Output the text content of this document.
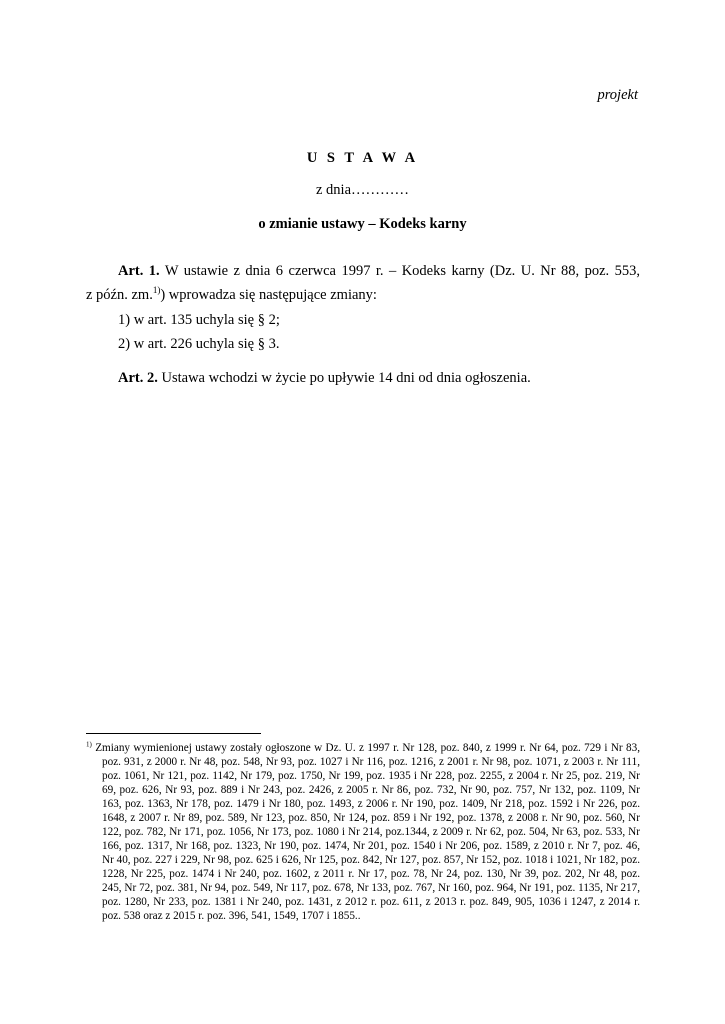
projekt
U S T A W A
z dnia…………
o zmianie ustawy – Kodeks karny

Art. 1. W ustawie z dnia 6 czerwca 1997 r. – Kodeks karny (Dz. U. Nr 88, poz. 553,

z późn. zm.$^{1)}$) wprowadza się następujące zmiany:

1) w art. 135 uchyla się § 2;
2) w art. 226 uchyla się § 3.
Art. 2. Ustawa wchodzi w życie po upływie 14 dni od dnia ogłoszenia.
$^{1)}$ Zmiany wymienionej ustawy zostały ogłoszone w Dz. U. z 1997 r. Nr 128, poz. 840, z 1999 r. Nr 64, poz. 729 i Nr 83, poz. 931, z 2000 r. Nr 48, poz. 548, Nr 93, poz. 1027 i Nr 116, poz. 1216, z 2001 r. Nr 98, poz. 1071, z 2003 r. Nr 111, poz. 1061, Nr 121, poz. 1142, Nr 179, poz. 1750, Nr 199, poz. 1935 i Nr 228, poz. 2255, z 2004 r. Nr 25, poz. 219, Nr 69, poz. 626, Nr 93, poz. 889 i Nr 243, poz. 2426, z 2005 r. Nr 86, poz. 732, Nr 90, poz. 757, Nr 132, poz. 1109, Nr 163, poz. 1363, Nr 178, poz. 1479 i Nr 180, poz. 1493, z 2006 r. Nr 190, poz. 1409, Nr 218, poz. 1592 i Nr 226, poz. 1648, z 2007 r. Nr 89, poz. 589, Nr 123, poz. 850, Nr 124, poz. 859 i Nr 192, poz. 1378, z 2008 r. Nr 90, poz. 560, Nr 122, poz. 782, Nr 171, poz. 1056, Nr 173, poz. 1080 i Nr 214, poz.1344, z 2009 r. Nr 62, poz. 504, Nr 63, poz. 533, Nr 166, poz. 1317, Nr 168, poz. 1323, Nr 190, poz. 1474, Nr 201, poz. 1540 i Nr 206, poz. 1589, z 2010 r. Nr 7, poz. 46, Nr 40, poz. 227 i 229, Nr 98, poz. 625 i 626, Nr 125, poz. 842, Nr 127, poz. 857, Nr 152, poz. 1018 i 1021, Nr 182, poz. 1228, Nr 225, poz. 1474 i Nr 240, poz. 1602, z 2011 r. Nr 17, poz. 78, Nr 24, poz. 130, Nr 39, poz. 202, Nr 48, poz. 245, Nr 72, poz. 381, Nr 94, poz. 549, Nr 117, poz. 678, Nr 133, poz. 767, Nr 160, poz. 964, Nr 191, poz. 1135, Nr 217, poz. 1280, Nr 233, poz. 1381 i Nr 240, poz. 1431, z 2012 r. poz. 611, z 2013 r. poz. 849, 905, 1036 i 1247, z 2014 r. poz. 538 oraz z 2015 r. poz. 396, 541, 1549, 1707 i 1855..
